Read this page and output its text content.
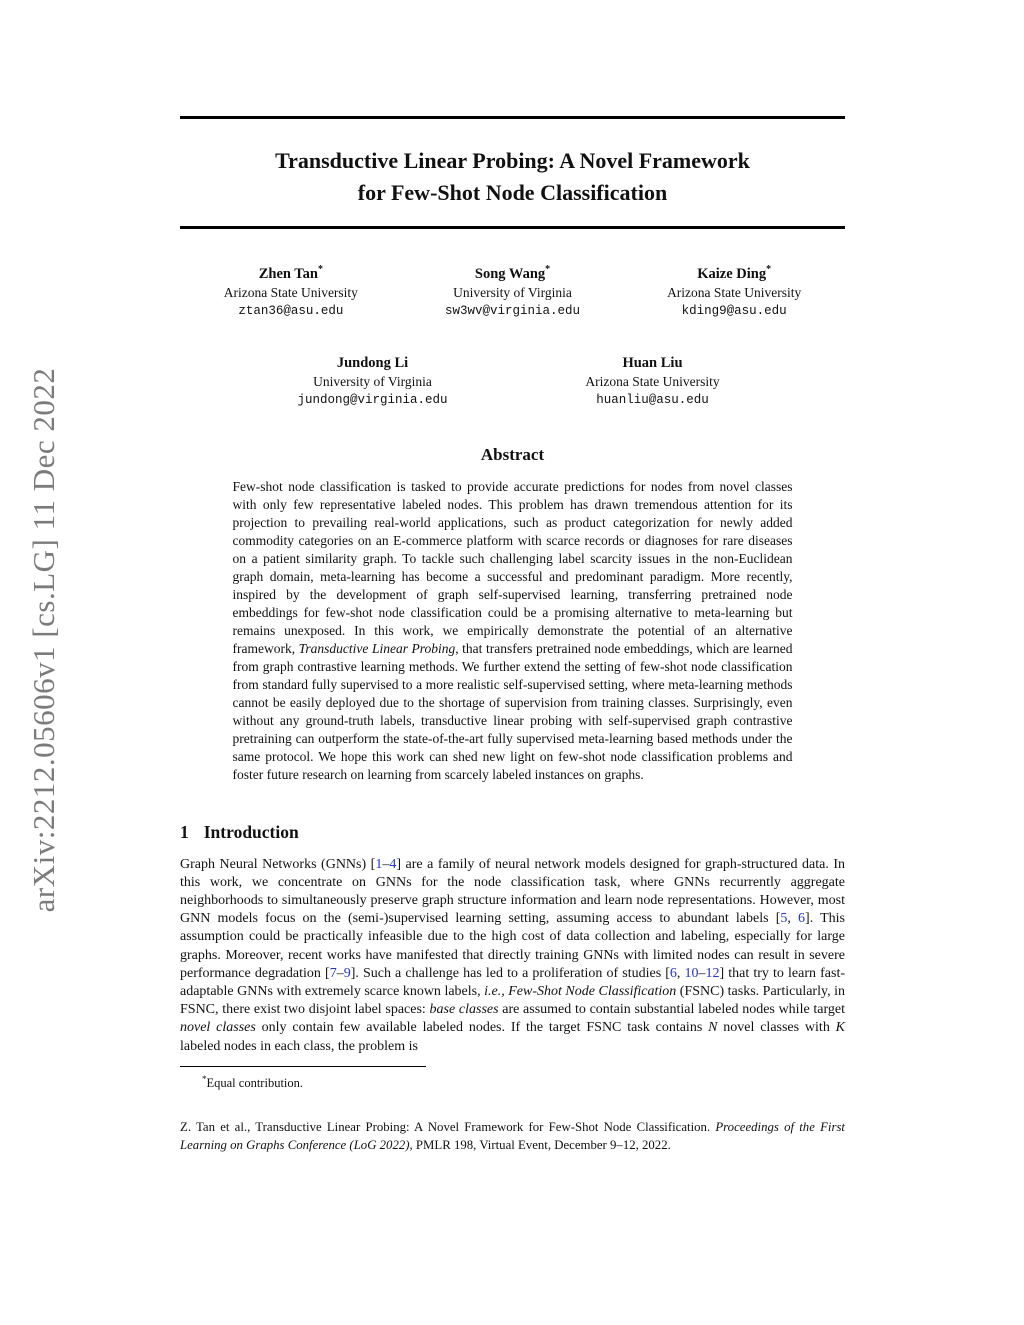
arXiv:2212.05606v1 [cs.LG] 11 Dec 2022
Transductive Linear Probing: A Novel Framework
for Few-Shot Node Classification
Zhen Tan*
Arizona State University
ztan36@asu.edu
Song Wang*
University of Virginia
sw3wv@virginia.edu
Kaize Ding*
Arizona State University
kding9@asu.edu
Jundong Li
University of Virginia
jundong@virginia.edu
Huan Liu
Arizona State University
huanliu@asu.edu
Abstract

Few-shot node classification is tasked to provide accurate predictions for nodes from novel classes with only few representative labeled nodes. This problem has drawn tremendous attention for its projection to prevailing real-world applications, such as product categorization for newly added commodity categories on an E-commerce platform with scarce records or diagnoses for rare diseases on a patient similarity graph. To tackle such challenging label scarcity issues in the non-Euclidean graph domain, meta-learning has become a successful and predominant paradigm. More recently, inspired by the development of graph self-supervised learning, transferring pretrained node embeddings for few-shot node classification could be a promising alternative to meta-learning but remains unexposed. In this work, we empirically demonstrate the potential of an alternative framework, Transductive Linear Probing, that transfers pretrained node embeddings, which are learned from graph contrastive learning methods. We further extend the setting of few-shot node classification from standard fully supervised to a more realistic self-supervised setting, where meta-learning methods cannot be easily deployed due to the shortage of supervision from training classes. Surprisingly, even without any ground-truth labels, transductive linear probing with self-supervised graph contrastive pretraining can outperform the state-of-the-art fully supervised meta-learning based methods under the same protocol. We hope this work can shed new light on few-shot node classification problems and foster future research on learning from scarcely labeled instances on graphs.

1 Introduction

Graph Neural Networks (GNNs) [1–4] are a family of neural network models designed for graph-structured data. In this work, we concentrate on GNNs for the node classification task, where GNNs recurrently aggregate neighborhoods to simultaneously preserve graph structure information and learn node representations. However, most GNN models focus on the (semi-)supervised learning setting, assuming access to abundant labels [5, 6]. This assumption could be practically infeasible due to the high cost of data collection and labeling, especially for large graphs. Moreover, recent works have manifested that directly training GNNs with limited nodes can result in severe performance degradation [7–9]. Such a challenge has led to a proliferation of studies [6, 10–12] that try to learn fast-adaptable GNNs with extremely scarce known labels, i.e., Few-Shot Node Classification (FSNC) tasks. Particularly, in FSNC, there exist two disjoint label spaces: base classes are assumed to contain substantial labeled nodes while target novel classes only contain few available labeled nodes. If the target FSNC task contains N novel classes with K labeled nodes in each class, the problem is

*Equal contribution.

Z. Tan et al., Transductive Linear Probing: A Novel Framework for Few-Shot Node Classification. Proceedings of the First Learning on Graphs Conference (LoG 2022), PMLR 198, Virtual Event, December 9–12, 2022.
